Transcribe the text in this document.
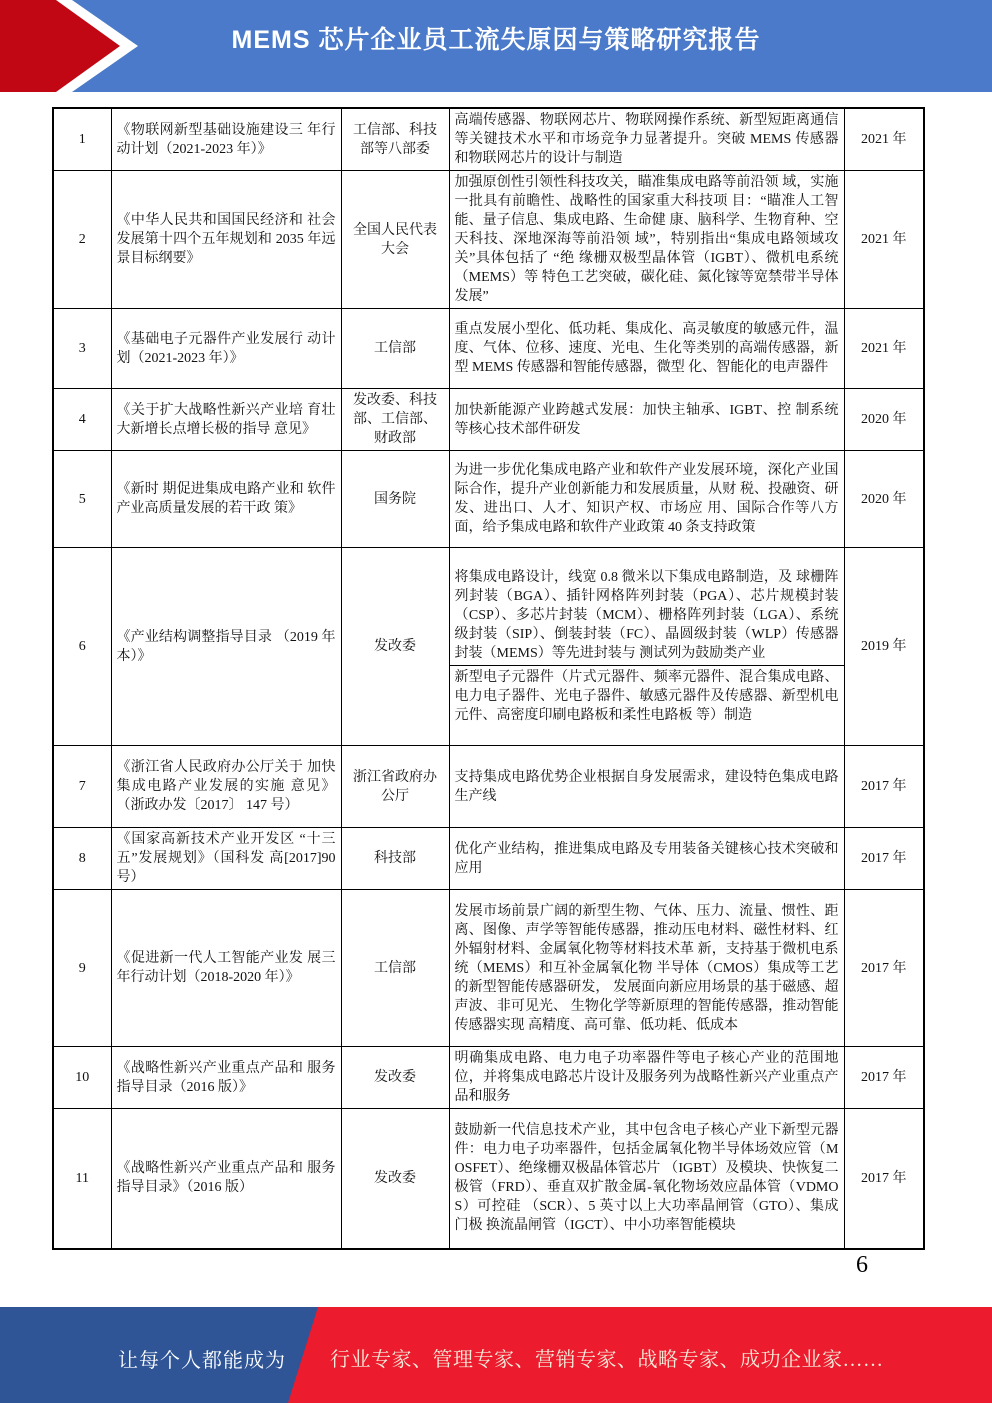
MEMS 芯片企业员工流失原因与策略研究报告
1	《物联网新型基础设施建设三 年行动计划（2021-2023 年）》	工信部、科技 部等八部委	高端传感器、物联网芯片、物联网操作系统、新型短距离通信等关键技术水平和市场竞争力显著提升。突破 MEMS 传感器和物联网芯片的设计与制造	2021 年
2	《中华人民共和国国民经济和 社会发展第十四个五年规划和 2035 年远景目标纲要》	全国人民代表 大会	加强原创性引领性科技攻关，瞄准集成电路等前沿领 域，实施一批具有前瞻性、战略性的国家重大科技项 目：“瞄准人工智能、量子信息、集成电路、生命健 康、脑科学、生物育种、空天科技、深地深海等前沿领 域”，特别指出“集成电路领域攻关”具体包括了 “绝 缘栅双极型晶体管（IGBT）、微机电系统（MEMS）等 特色工艺突破，碳化硅、氮化镓等宽禁带半导体发展”	2021 年
3	《基础电子元器件产业发展行 动计划（2021-2023 年）》	工信部	重点发展小型化、低功耗、集成化、高灵敏度的敏感元件，温度、气体、位移、速度、光电、生化等类别的高端传感器，新型 MEMS 传感器和智能传感器，微型 化、智能化的电声器件	2021 年
4	《关于扩大战略性新兴产业培 育壮大新增长点增长极的指导 意见》	发改委、科技 部、工信部、 财政部	加快新能源产业跨越式发展：加快主轴承、IGBT、控 制系统等核心技术部件研发	2020 年
5	《新时 期促进集成电路产业和 软件产业高质量发展的若干政 策》	国务院	为进一步优化集成电路产业和软件产业发展环境，深化产业国际合作，提升产业创新能力和发展质量，从财 税、投融资、研发、进出口、人才、知识产权、市场应 用、国际合作等八方面，给予集成电路和软件产业政策 40 条支持政策	2020 年
6	《产业结构调整指导目录 （2019 年本）》	发改委	将集成电路设计，线宽 0.8 微米以下集成电路制造，及 球栅阵列封装（BGA）、插针网格阵列封装（PGA）、芯片规模封装（CSP）、多芯片封装（MCM）、栅格阵列封装（LGA）、系统级封装（SIP）、倒装封装（FC）、晶圆级封装（WLP）传感器封装（MEMS）等先进封装与 测试列为鼓励类产业
新型电子元器件（片式元器件、频率元器件、混合集成电路、电力电子器件、光电子器件、敏感元器件及传感器、新型机电元件、高密度印刷电路板和柔性电路板 等）制造	2019 年
7	《浙江省人民政府办公厅关于 加快集成电路产业发展的实施 意见》（浙政办发〔2017〕 147 号）	浙江省政府办 公厅	支持集成电路优势企业根据自身发展需求，建设特色集成电路生产线	2017 年
8	《国家高新技术产业开发区 “十三五”发展规划》（国科发 高[2017]90 号）	科技部	优化产业结构，推进集成电路及专用装备关键核心技术突破和应用	2017 年
9	《促进新一代人工智能产业发 展三年行动计划（2018-2020 年）》	工信部	发展市场前景广阔的新型生物、气体、压力、流量、惯性、距离、图像、声学等智能传感器，推动压电材料、磁性材料、红外辐射材料、金属氧化物等材料技术革 新，支持基于微机电系统（MEMS）和互补金属氧化物 半导体（CMOS）集成等工艺的新型智能传感器研发， 发展面向新应用场景的基于磁感、超声波、非可见光、 生物化学等新原理的智能传感器，推动智能传感器实现 高精度、高可靠、低功耗、低成本	2017 年
10	《战略性新兴产业重点产品和 服务指导目录（2016 版）》	发改委	明确集成电路、电力电子功率器件等电子核心产业的范围地位，并将集成电路芯片设计及服务列为战略性新兴产业重点产品和服务	2017 年
11	《战略性新兴产业重点产品和 服务指导目录》（2016 版）	发改委	鼓励新一代信息技术产业，其中包含电子核心产业下新型元器件：电力电子功率器件，包括金属氧化物半导体场效应管（MOSFET）、绝缘栅双极晶体管芯片 （IGBT）及模块、快恢复二极管（FRD）、垂直双扩散金属-氧化物场效应晶体管（VDMOS）可控硅 （SCR）、5 英寸以上大功率晶闸管（GTO）、集成门极 换流晶闸管（IGCT）、中小功率智能模块	2017 年
6
让每个人都能成为 行业专家、管理专家、营销专家、战略专家、成功企业家……
